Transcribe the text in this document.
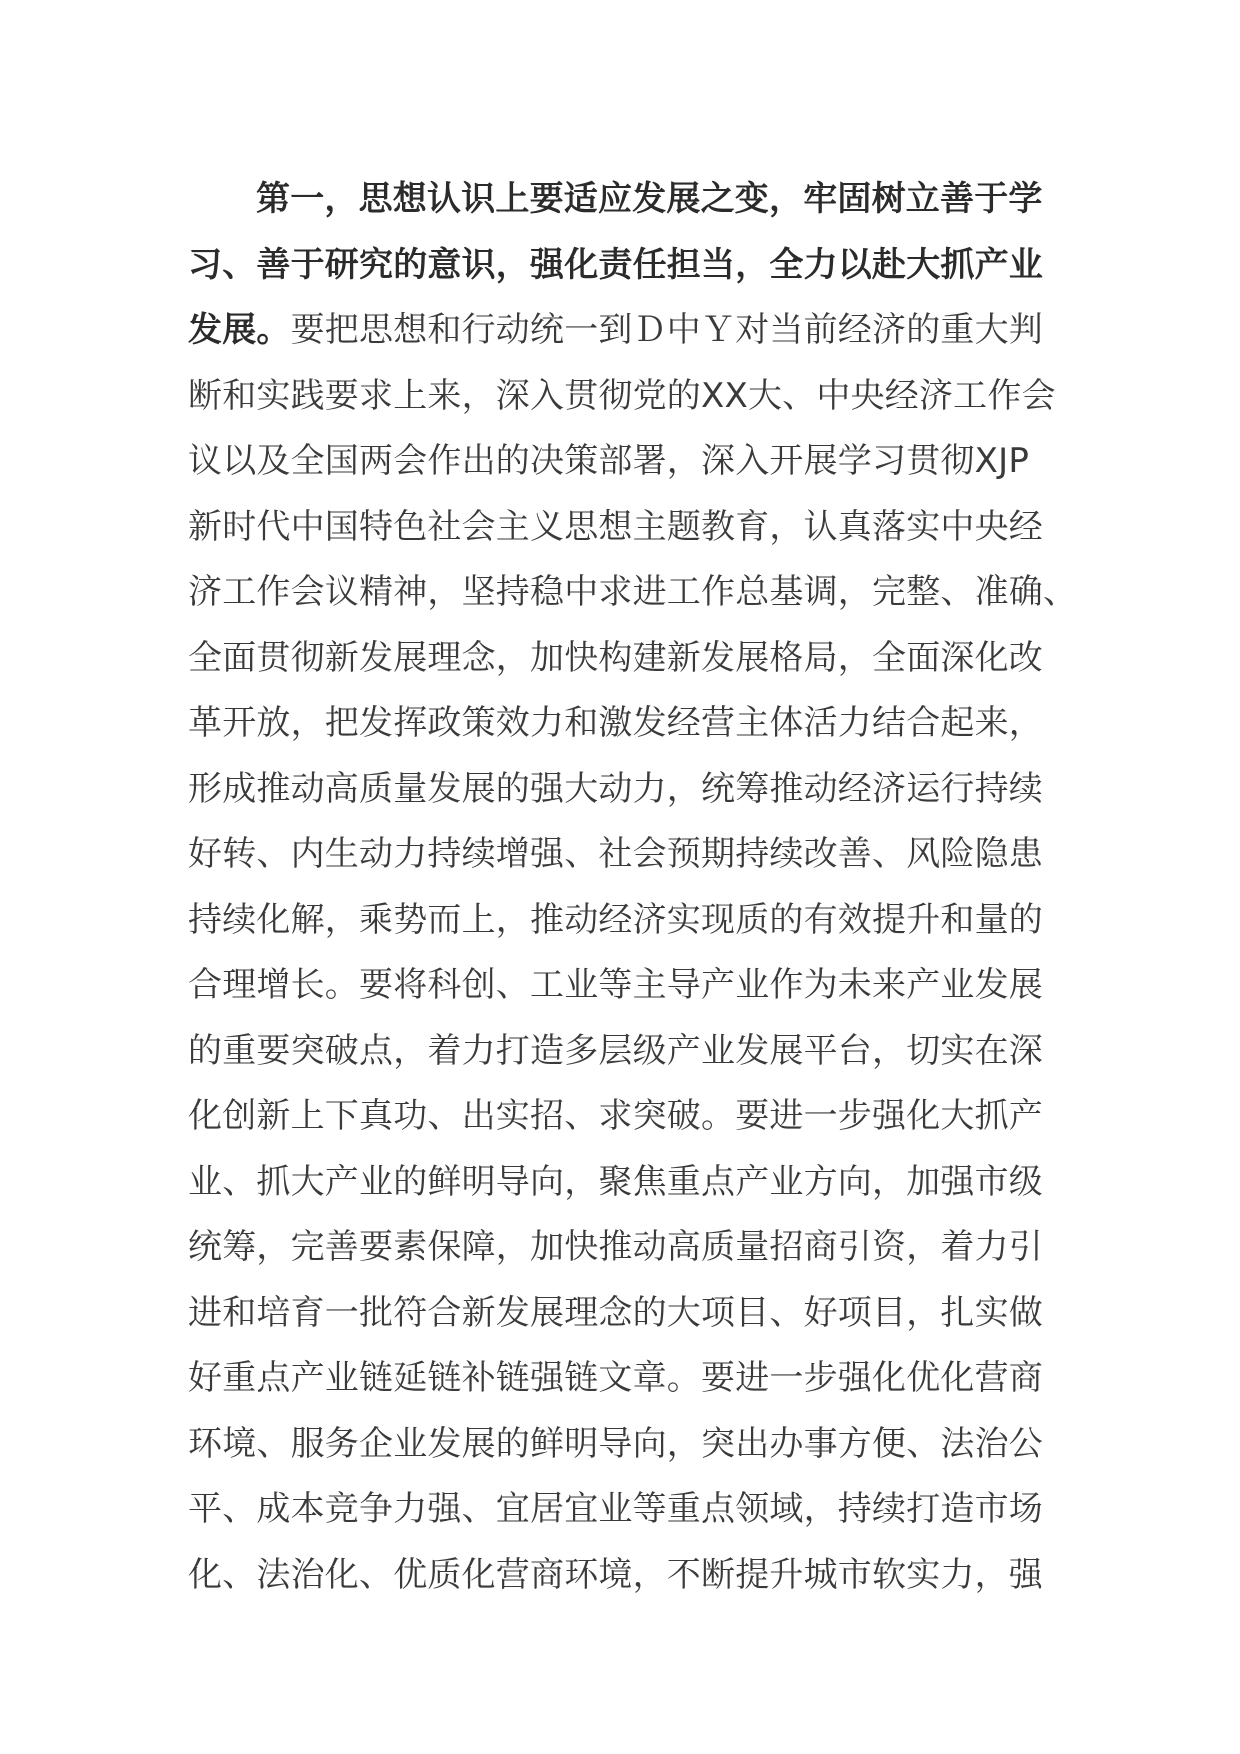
第一，思想认识上要适应发展之变，牢固树立善于学
习、善于研究的意识，强化责任担当，全力以赴大抓产业
发展。要把思想和行动统一到Ｄ中Ｙ对当前经济的重大判
断和实践要求上来，深入贯彻党的XX大、中央经济工作会
议以及全国两会作出的决策部署，深入开展学习贯彻XJP
新时代中国特色社会主义思想主题教育，认真落实中央经
济工作会议精神，坚持稳中求进工作总基调，完整、准确、
全面贯彻新发展理念，加快构建新发展格局，全面深化改
革开放，把发挥政策效力和激发经营主体活力结合起来，
形成推动高质量发展的强大动力，统筹推动经济运行持续
好转、内生动力持续增强、社会预期持续改善、风险隐患
持续化解，乘势而上，推动经济实现质的有效提升和量的
合理增长。要将科创、工业等主导产业作为未来产业发展
的重要突破点，着力打造多层级产业发展平台，切实在深
化创新上下真功、出实招、求突破。要进一步强化大抓产
业、抓大产业的鲜明导向，聚焦重点产业方向，加强市级
统筹，完善要素保障，加快推动高质量招商引资，着力引
进和培育一批符合新发展理念的大项目、好项目，扎实做
好重点产业链延链补链强链文章。要进一步强化优化营商
环境、服务企业发展的鲜明导向，突出办事方便、法治公
平、成本竞争力强、宜居宜业等重点领域，持续打造市场
化、法治化、优质化营商环境，不断提升城市软实力，强
